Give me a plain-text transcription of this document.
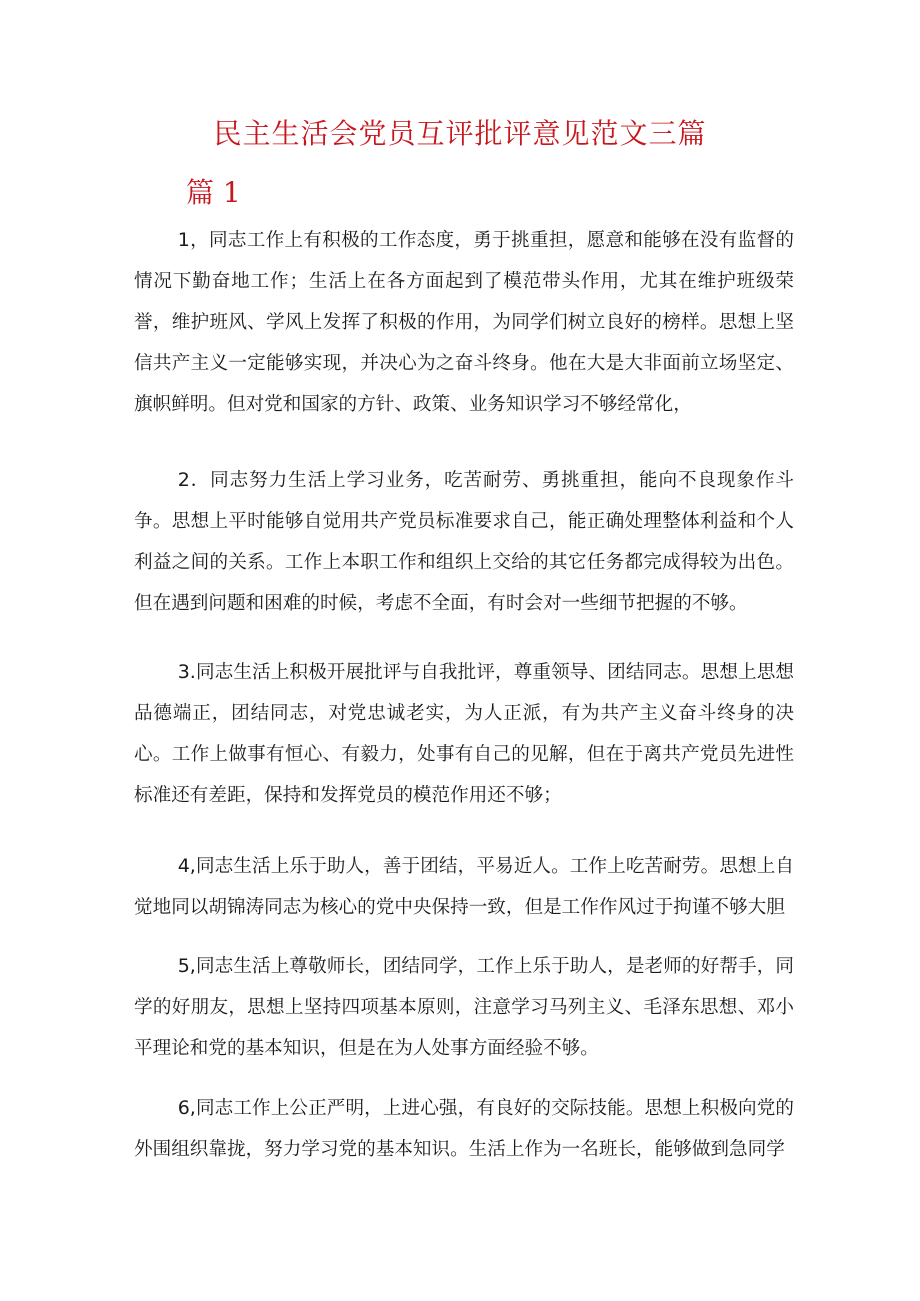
民主生活会党员互评批评意见范文三篇
篇 1

1，同志工作上有积极的工作态度，勇于挑重担，愿意和能够在没有监督的情况下勤奋地工作；生活上在各方面起到了模范带头作用，尤其在维护班级荣誉，维护班风、学风上发挥了积极的作用，为同学们树立良好的榜样。思想上坚信共产主义一定能够实现，并决心为之奋斗终身。他在大是大非面前立场坚定、旗帜鲜明。但对党和国家的方针、政策、业务知识学习不够经常化，

2．同志努力生活上学习业务，吃苦耐劳、勇挑重担，能向不良现象作斗争。思想上平时能够自觉用共产党员标准要求自己，能正确处理整体利益和个人利益之间的关系。工作上本职工作和组织上交给的其它任务都完成得较为出色。但在遇到问题和困难的时候，考虑不全面，有时会对一些细节把握的不够。

3.同志生活上积极开展批评与自我批评，尊重领导、团结同志。思想上思想品德端正，团结同志，对党忠诚老实，为人正派，有为共产主义奋斗终身的决心。工作上做事有恒心、有毅力，处事有自己的见解，但在于离共产党员先进性标准还有差距，保持和发挥党员的模范作用还不够；

4,同志生活上乐于助人，善于团结，平易近人。工作上吃苦耐劳。思想上自觉地同以胡锦涛同志为核心的党中央保持一致，但是工作作风过于拘谨不够大胆

5,同志生活上尊敬师长，团结同学，工作上乐于助人，是老师的好帮手，同学的好朋友，思想上坚持四项基本原则，注意学习马列主义、毛泽东思想、邓小平理论和党的基本知识，但是在为人处事方面经验不够。

6,同志工作上公正严明，上进心强，有良好的交际技能。思想上积极向党的外围组织靠拢，努力学习党的基本知识。生活上作为一名班长，能够做到急同学
